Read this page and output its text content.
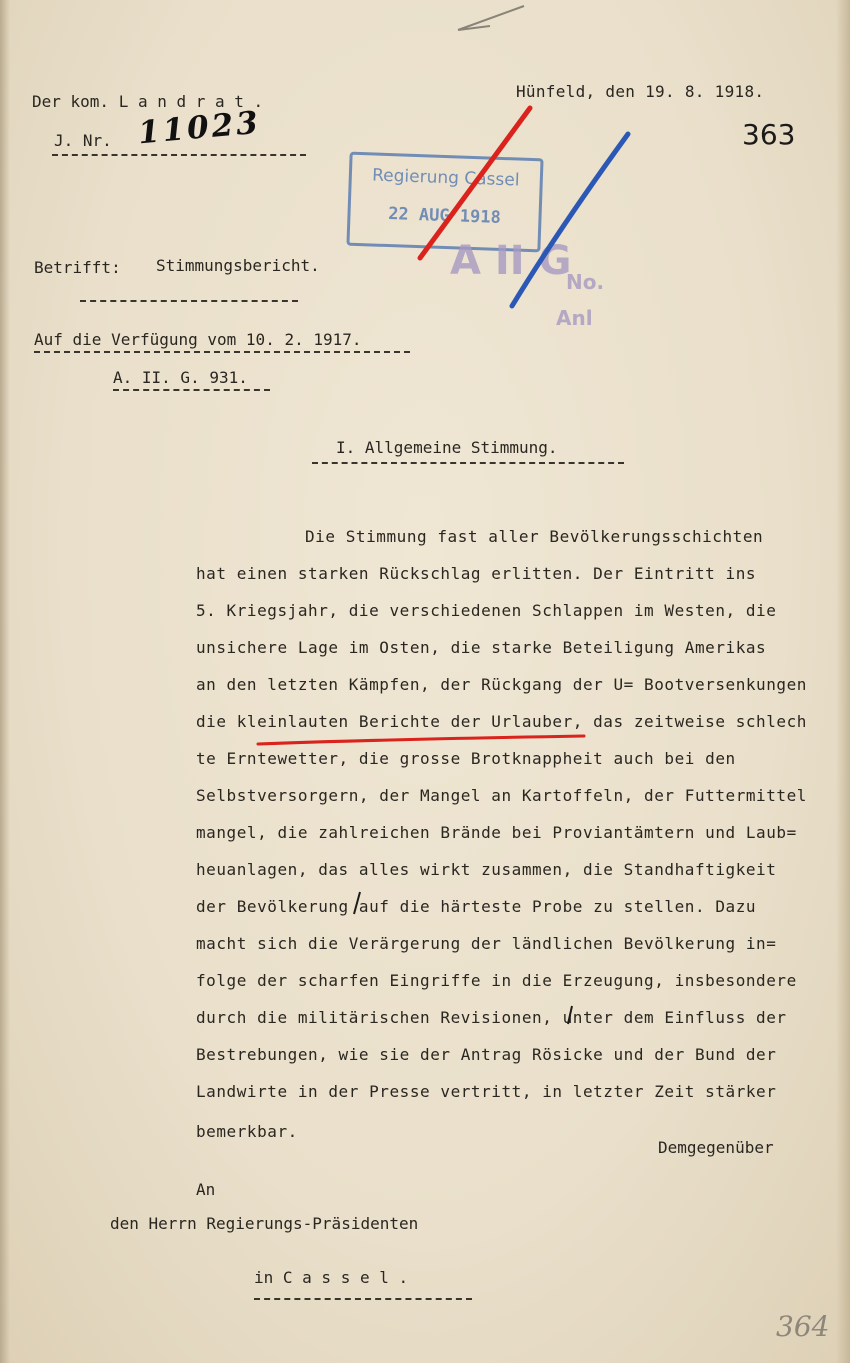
Der kom. L a n d r a t .
Hünfeld, den 19. 8. 1918.
J. Nr. 11023	363
Regierung Cassel
22 AUG 1918
A II G
No.
Anl
Betrifft: Stimmungsbericht.
Auf die Verfügung vom 10. 2. 1917.
A. II. G. 931.
I. Allgemeine Stimmung.
Die Stimmung fast aller Bevölkerungsschichten
hat einen starken Rückschlag erlitten. Der Eintritt ins
5. Kriegsjahr, die verschiedenen Schlappen im Westen, die
unsichere Lage im Osten, die starke Beteiligung Amerikas
an den letzten Kämpfen, der Rückgang der U= Bootversenkungen
die kleinlauten Berichte der Urlauber, das zeitweise schlech
te Erntewetter, die grosse Brotknappheit auch bei den
Selbstversorgern, der Mangel an Kartoffeln, der Futtermittel
mangel, die zahlreichen Brände bei Proviantämtern und Laub=
heuanlagen, das alles wirkt zusammen, die Standhaftigkeit
der Bevölkerung auf die härteste Probe zu stellen. Dazu
macht sich die Verärgerung der ländlichen Bevölkerung in=
folge der scharfen Eingriffe in die Erzeugung, insbesondere
durch die militärischen Revisionen, unter dem Einfluss der
Bestrebungen, wie sie der Antrag Rösicke und der Bund der
Landwirte in der Presse vertritt, in letzter Zeit stärker
bemerkbar.
Demgegenüber
An
den Herrn Regierungs-Präsidenten
in C a s s e l .
364
